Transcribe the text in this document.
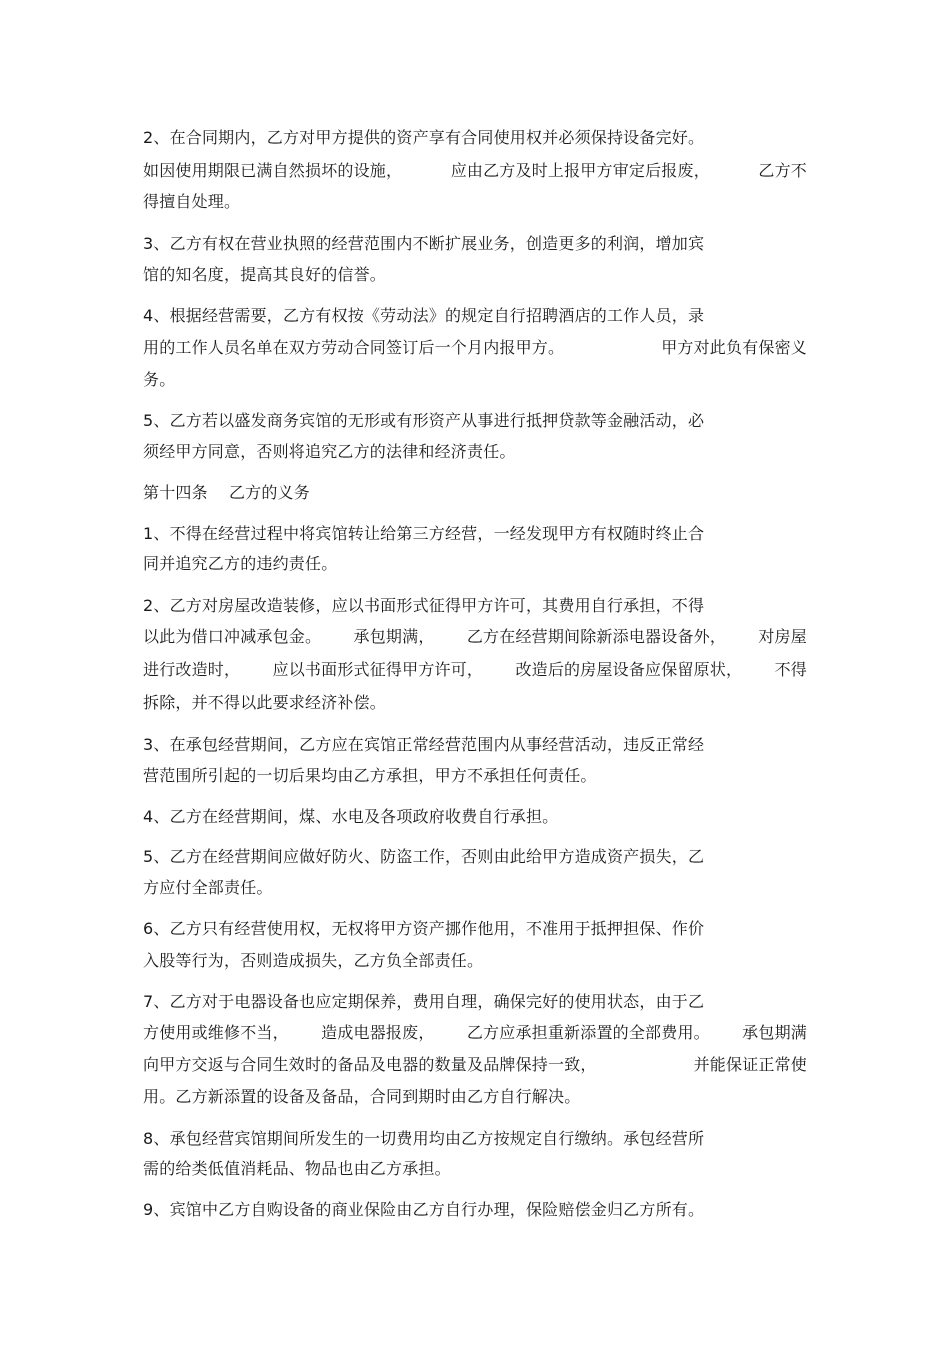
2、在合同期内，乙方对甲方提供的资产享有合同使用权并必须保持设备完好。
如因使用期限已满自然损坏的设施，	应由乙方及时上报甲方审定后报废，	乙方不
得擅自处理。
3、乙方有权在营业执照的经营范围内不断扩展业务，创造更多的利润，增加宾
馆的知名度，提高其良好的信誉。
4、根据经营需要，乙方有权按《劳动法》的规定自行招聘酒店的工作人员，录
用的工作人员名单在双方劳动合同签订后一个月内报甲方。	甲方对此负有保密义
务。
5、乙方若以盛发商务宾馆的无形或有形资产从事进行抵押贷款等金融活动，必
须经甲方同意，否则将追究乙方的法律和经济责任。
第十四条    乙方的义务
1、不得在经营过程中将宾馆转让给第三方经营，一经发现甲方有权随时终止合
同并追究乙方的违约责任。
2、乙方对房屋改造装修，应以书面形式征得甲方许可，其费用自行承担，不得
以此为借口冲减承包金。 承包期满， 乙方在经营期间除新添电器设备外， 对房屋
进行改造时， 应以书面形式征得甲方许可， 改造后的房屋设备应保留原状， 不得
拆除，并不得以此要求经济补偿。
3、在承包经营期间，乙方应在宾馆正常经营范围内从事经营活动，违反正常经
营范围所引起的一切后果均由乙方承担，甲方不承担任何责任。
4、乙方在经营期间，煤、水电及各项政府收费自行承担。
5、乙方在经营期间应做好防火、防盗工作，否则由此给甲方造成资产损失，乙
方应付全部责任。
6、乙方只有经营使用权，无权将甲方资产挪作他用，不准用于抵押担保、作价
入股等行为，否则造成损失，乙方负全部责任。
7、乙方对于电器设备也应定期保养，费用自理，确保完好的使用状态，由于乙
方使用或维修不当， 造成电器报废， 乙方应承担重新添置的全部费用。 承包期满
向甲方交返与合同生效时的备品及电器的数量及品牌保持一致，	并能保证正常使
用。乙方新添置的设备及备品，合同到期时由乙方自行解决。
8、承包经营宾馆期间所发生的一切费用均由乙方按规定自行缴纳。承包经营所
需的给类低值消耗品、物品也由乙方承担。
9、宾馆中乙方自购设备的商业保险由乙方自行办理，保险赔偿金归乙方所有。
